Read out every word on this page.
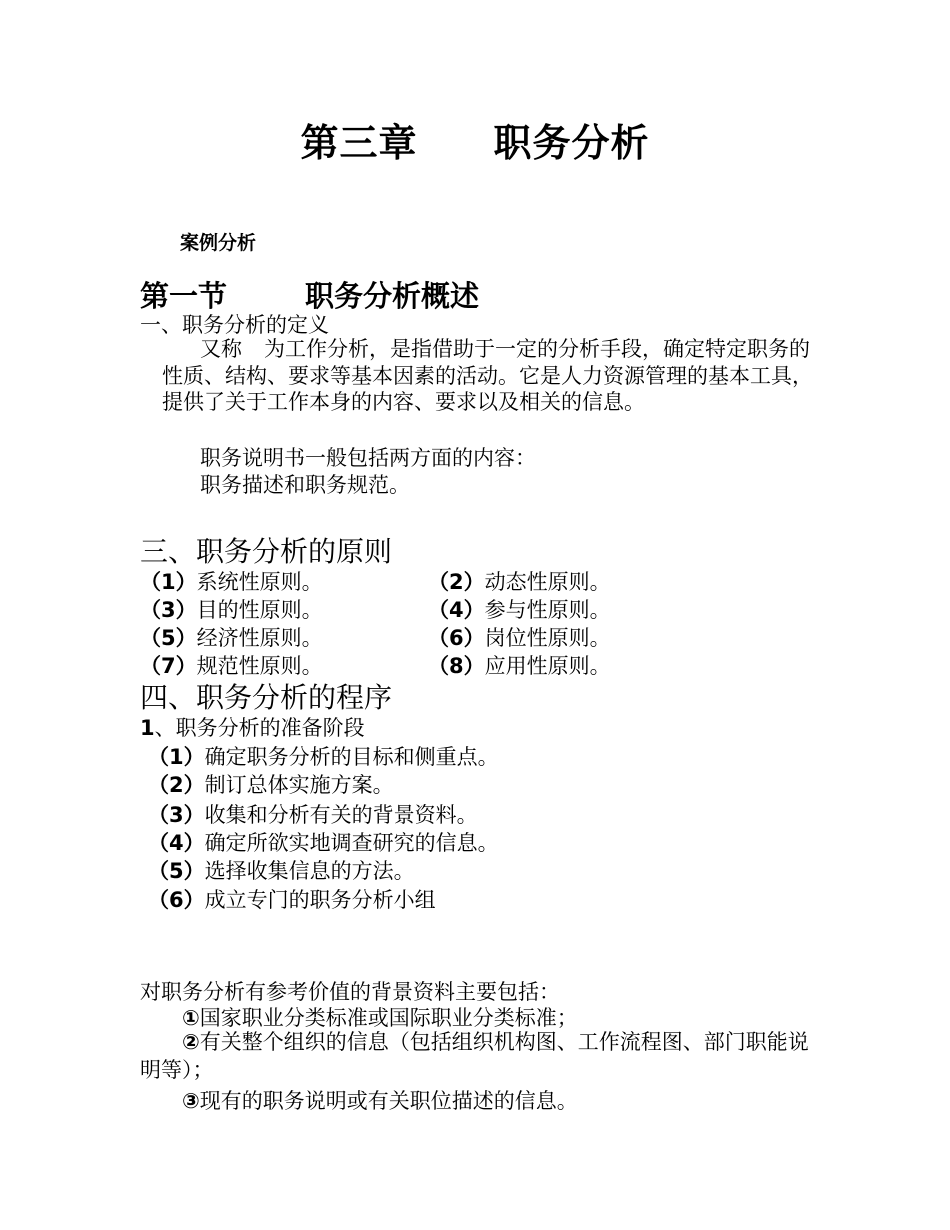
第三章 职务分析
案例分析
第一节	职务分析概述
一、职务分析的定义
又称 为工作分析，是指借助于一定的分析手段，确定特定职务的性质、结构、要求等基本因素的活动。它是人力资源管理的基本工具，提供了关于工作本身的内容、要求以及相关的信息。
职务说明书一般包括两方面的内容：
职务描述和职务规范。
三、职务分析的原则
（1）系统性原则。	（2）动态性原则。
（3）目的性原则。	（4）参与性原则。
（5）经济性原则。	（6）岗位性原则。
（7）规范性原则。	（8）应用性原则。
四、职务分析的程序
1、职务分析的准备阶段
（1）确定职务分析的目标和侧重点。
（2）制订总体实施方案。
（3）收集和分析有关的背景资料。
（4）确定所欲实地调查研究的信息。
（5）选择收集信息的方法。
（6）成立专门的职务分析小组
对职务分析有参考价值的背景资料主要包括：
①国家职业分类标准或国际职业分类标准；
②有关整个组织的信息（包括组织机构图、工作流程图、部门职能说明等）；
③现有的职务说明或有关职位描述的信息。
